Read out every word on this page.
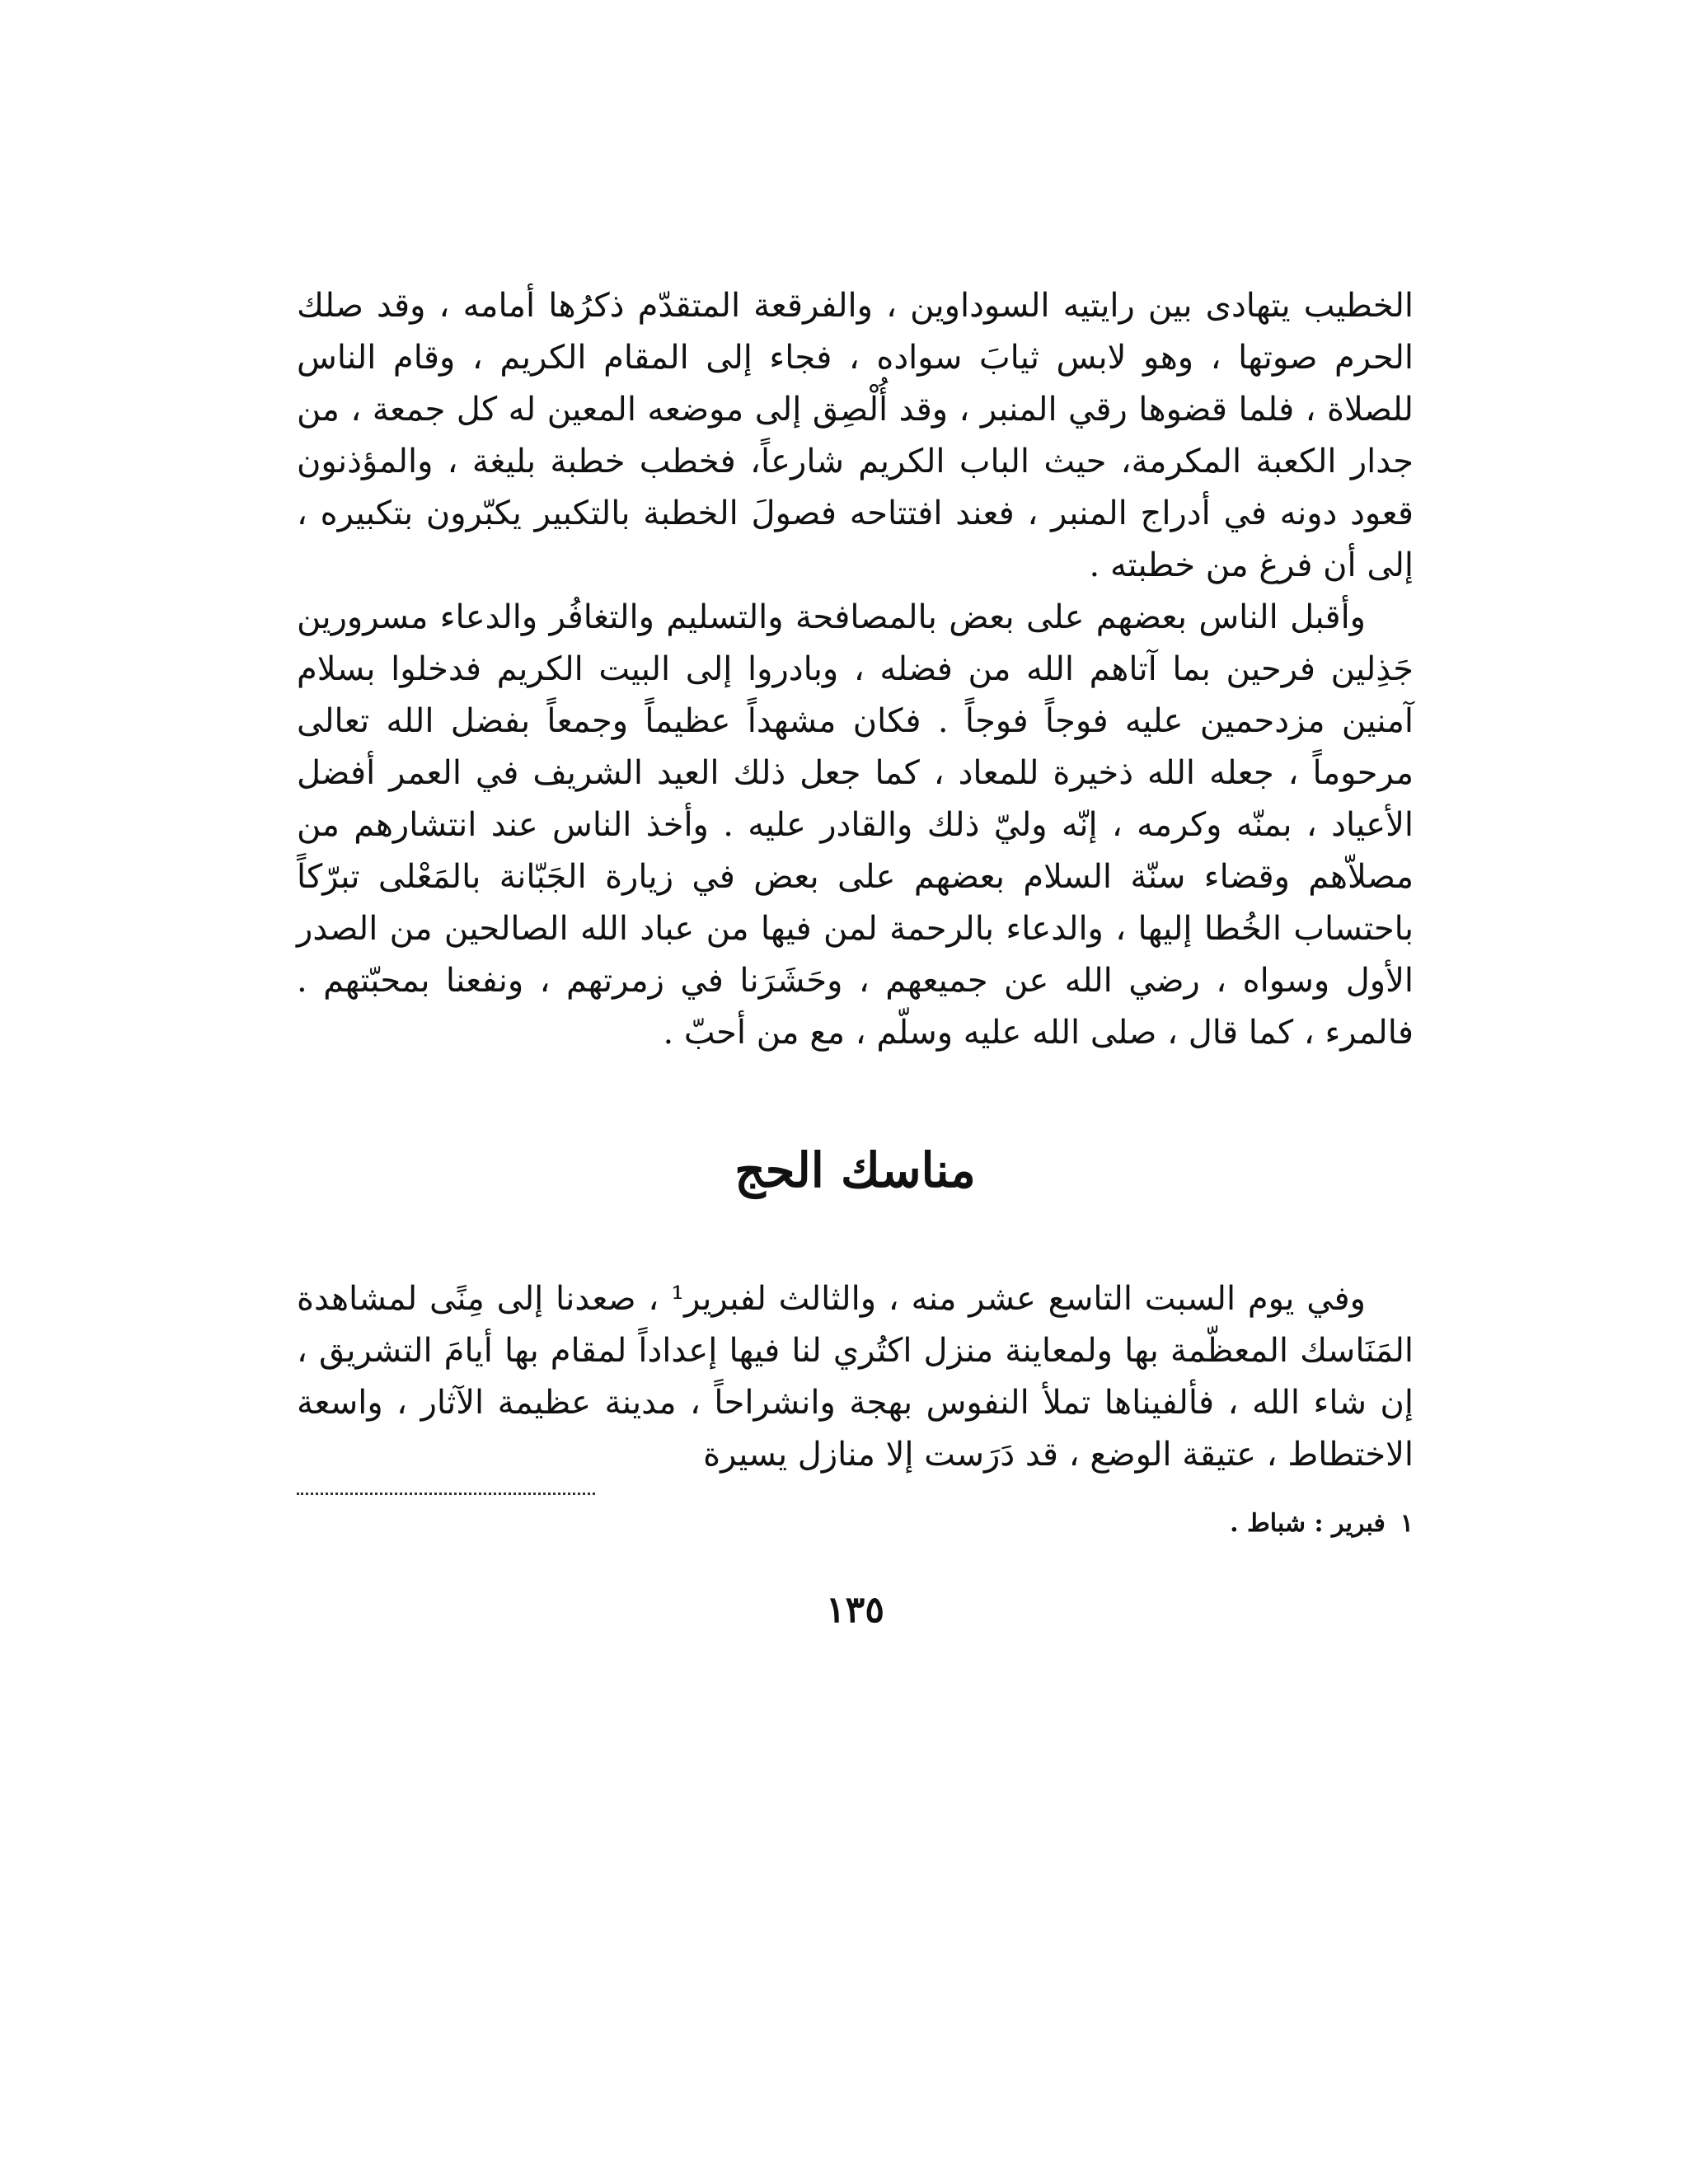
الخطيب يتهادى بين رايتيه السوداوين ، والفرقعة المتقدّم ذكرُها أمامه ، وقد صلك الحرم صوتها ، وهو لابس ثيابَ سواده ، فجاء إلى المقام الكريم ، وقام الناس للصلاة ، فلما قضوها رقي المنبر ، وقد أُلْصِق إلى موضعه المعين له كل جمعة ، من جدار الكعبة المكرمة، حيث الباب الكريم شارعاً، فخطب خطبة بليغة ، والمؤذنون قعود دونه في أدراج المنبر ، فعند افتتاحه فصولَ الخطبة بالتكبير يكبّرون بتكبيره ، إلى أن فرغ من خطبته .

وأقبل الناس بعضهم على بعض بالمصافحة والتسليم والتغافُر والدعاء مسرورين جَذِلين فرحين بما آتاهم الله من فضله ، وبادروا إلى البيت الكريم فدخلوا بسلام آمنين مزدحمين عليه فوجاً فوجاً . فكان مشهداً عظيماً وجمعاً بفضل الله تعالى مرحوماً ، جعله الله ذخيرة للمعاد ، كما جعل ذلك العيد الشريف في العمر أفضل الأعياد ، بمنّه وكرمه ، إنّه وليّ ذلك والقادر عليه . وأخذ الناس عند انتشارهم من مصلاّهم وقضاء سنّة السلام بعضهم على بعض في زيارة الجَبّانة بالمَعْلى تبرّكاً باحتساب الخُطا إليها ، والدعاء بالرحمة لمن فيها من عباد الله الصالحين من الصدر الأول وسواه ، رضي الله عن جميعهم ، وحَشَرَنا في زمرتهم ، ونفعنا بمحبّتهم . فالمرء ، كما قال ، صلى الله عليه وسلّم ، مع من أحبّ .

مناسك الحج

وفي يوم السبت التاسع عشر منه ، والثالث لفبرير¹ ، صعدنا إلى مِنًى لمشاهدة المَنَاسك المعظّمة بها ولمعاينة منزل اكتُري لنا فيها إعداداً لمقام بها أيامَ التشريق ، إن شاء الله ، فألفيناها تملأ النفوس بهجة وانشراحاً ، مدينة عظيمة الآثار ، واسعة الاختطاط ، عتيقة الوضع ، قد دَرَست إلا منازل يسيرة

١فبرير : شباط .

١٣٥
